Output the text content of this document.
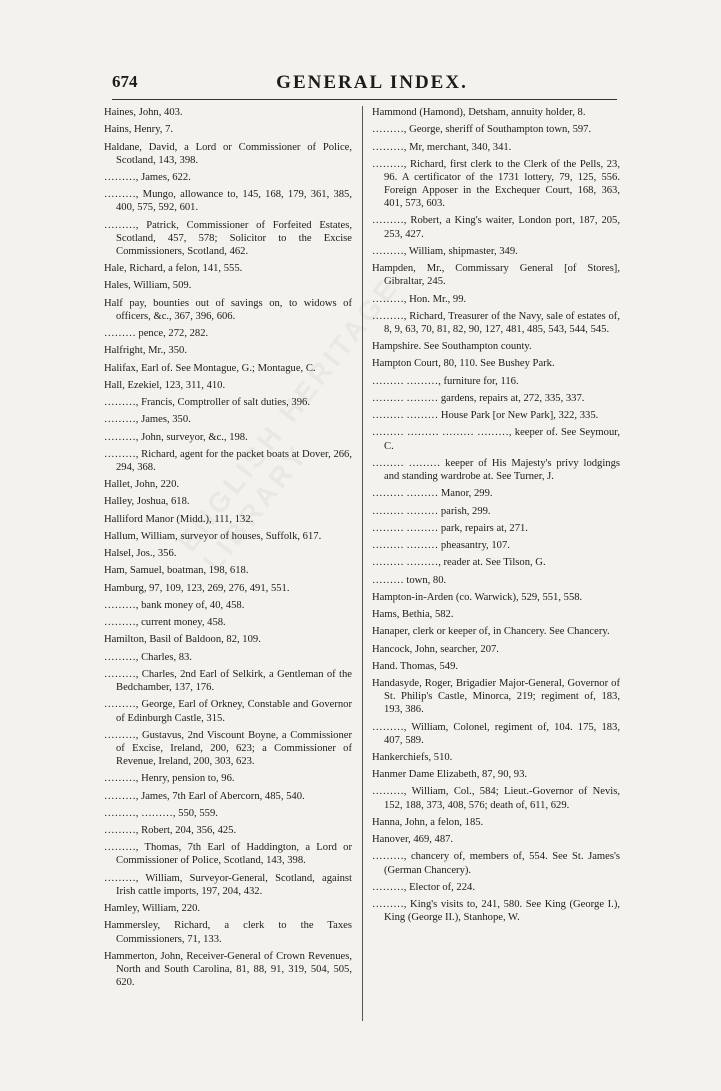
674	GENERAL INDEX.
Haines, John, 403.
Hains, Henry, 7.
Haldane, David, a Lord or Commissioner of Police, Scotland, 143, 398.
………, James, 622.
………, Mungo, allowance to, 145, 168, 179, 361, 385, 400, 575, 592, 601.
………, Patrick, Commissioner of Forfeited Estates, Scotland, 457, 578; Solicitor to the Excise Commissioners, Scotland, 462.
Hale, Richard, a felon, 141, 555.
Hales, William, 509.
Half pay, bounties out of savings on, to widows of officers, &c., 367, 396, 606.
……… pence, 272, 282.
Halfright, Mr., 350.
Halifax, Earl of. See Montague, G.; Montague, C.
Hall, Ezekiel, 123, 311, 410.
………, Francis, Comptroller of salt duties, 396.
………, James, 350.
………, John, surveyor, &c., 198.
………, Richard, agent for the packet boats at Dover, 266, 294, 368.
Hallet, John, 220.
Halley, Joshua, 618.
Halliford Manor (Midd.), 111, 132.
Hallum, William, surveyor of houses, Suffolk, 617.
Halsel, Jos., 356.
Ham, Samuel, boatman, 198, 618.
Hamburg, 97, 109, 123, 269, 276, 491, 551.
………, bank money of, 40, 458.
………, current money, 458.
Hamilton, Basil of Baldoon, 82, 109.
………, Charles, 83.
………, Charles, 2nd Earl of Selkirk, a Gentleman of the Bedchamber, 137, 176.
………, George, Earl of Orkney, Constable and Governor of Edinburgh Castle, 315.
………, Gustavus, 2nd Viscount Boyne, a Commissioner of Excise, Ireland, 200, 623; a Commissioner of Revenue, Ireland, 200, 303, 623.
………, Henry, pension to, 96.
………, James, 7th Earl of Abercorn, 485, 540.
………, ………, 550, 559.
………, Robert, 204, 356, 425.
………, Thomas, 7th Earl of Haddington, a Lord or Commissioner of Police, Scotland, 143, 398.
………, William, Surveyor-General, Scotland, against Irish cattle imports, 197, 204, 432.
Hamley, William, 220.
Hammersley, Richard, a clerk to the Taxes Commissioners, 71, 133.
Hammerton, John, Receiver-General of Crown Revenues, North and South Carolina, 81, 88, 91, 319, 504, 505, 620.
Hammond (Hamond), Detsham, annuity holder, 8.
………, George, sheriff of Southampton town, 597.
………, Mr, merchant, 340, 341.
………, Richard, first clerk to the Clerk of the Pells, 23, 96. A certificator of the 1731 lottery, 79, 125, 556. Foreign Apposer in the Exchequer Court, 168, 363, 401, 573, 603.
………, Robert, a King's waiter, London port, 187, 205, 253, 427.
………, William, shipmaster, 349.
Hampden, Mr., Commissary General [of Stores], Gibraltar, 245.
………, Hon. Mr., 99.
………, Richard, Treasurer of the Navy, sale of estates of, 8, 9, 63, 70, 81, 82, 90, 127, 481, 485, 543, 544, 545.
Hampshire. See Southampton county.
Hampton Court, 80, 110. See Bushey Park.
……… ………, furniture for, 116.
……… ……… gardens, repairs at, 272, 335, 337.
……… ……… House Park [or New Park], 322, 335.
……… ……… ……… ………, keeper of. See Seymour, C.
……… ……… keeper of His Majesty's privy lodgings and standing wardrobe at. See Turner, J.
……… ……… Manor, 299.
……… ……… parish, 299.
……… ……… park, repairs at, 271.
……… ……… pheasantry, 107.
……… ………, reader at. See Tilson, G.
……… town, 80.
Hampton-in-Arden (co. Warwick), 529, 551, 558.
Hams, Bethia, 582.
Hanaper, clerk or keeper of, in Chancery. See Chancery.
Hancock, John, searcher, 207.
Hand. Thomas, 549.
Handasyde, Roger, Brigadier Major-General, Governor of St. Philip's Castle, Minorca, 219; regiment of, 183, 193, 386.
………, William, Colonel, regiment of, 104. 175, 183, 407, 589.
Hankerchiefs, 510.
Hanmer Dame Elizabeth, 87, 90, 93.
………, William, Col., 584; Lieut.-Governor of Nevis, 152, 188, 373, 408, 576; death of, 611, 629.
Hanna, John, a felon, 185.
Hanover, 469, 487.
………, chancery of, members of, 554. See St. James's (German Chancery).
………, Elector of, 224.
………, King's visits to, 241, 580. See King (George I.), King (George II.), Stanhope, W.
